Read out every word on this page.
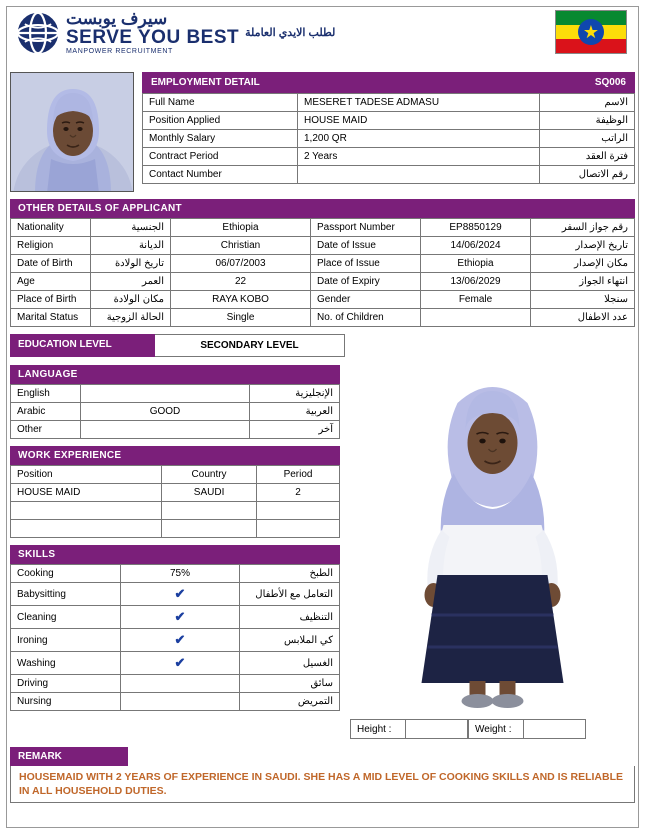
سيرف يوبست
SERVE YOU BEST
MANPOWER RECRUITMENT
لطلب الايدي العاملة	★
EMPLOYMENT DETAIL	SQ006
Full Name	MESERET TADESE ADMASU	الاسم
Position Applied	HOUSE MAID	الوظيفة
Monthly Salary	1,200 QR	الراتب
Contract Period	2 Years	فترة العقد
Contact Number		رقم الاتصال
OTHER DETAILS OF APPLICANT
Nationality	الجنسية	Ethiopia	Passport Number	EP8850129	رقم جواز السفر
Religion	الديانة	Christian	Date of Issue	14/06/2024	تاريخ الإصدار
Date of Birth	تاريخ الولادة	06/07/2003	Place of Issue	Ethiopia	مكان الإصدار
Age	العمر	22	Date of Expiry	13/06/2029	انتهاء الجواز
Place of Birth	مكان الولادة	RAYA KOBO	Gender	Female	سنجلا
Marital Status	الحالة الزوجية	Single	No. of Children		عدد الاطفال
EDUCATION LEVEL	SECONDARY LEVEL
LANGUAGE
English		الإنجليزية
Arabic	GOOD	العربية
Other		آخر
WORK EXPERIENCE
Position	Country	Period
HOUSE MAID	SAUDI	2

SKILLS
Cooking	75%	الطبخ
Babysitting	✔	التعامل مع الأطفال
Cleaning	✔	التنظيف
Ironing	✔	كي الملابس
Washing	✔	الغسيل
Driving		سائق
Nursing		التمريض
Height :	Weight :
REMARK
HOUSEMAID WITH 2 YEARS OF EXPERIENCE IN SAUDI. SHE HAS A MID LEVEL OF COOKING SKILLS AND IS RELIABLE IN ALL HOUSEHOLD DUTIES.
